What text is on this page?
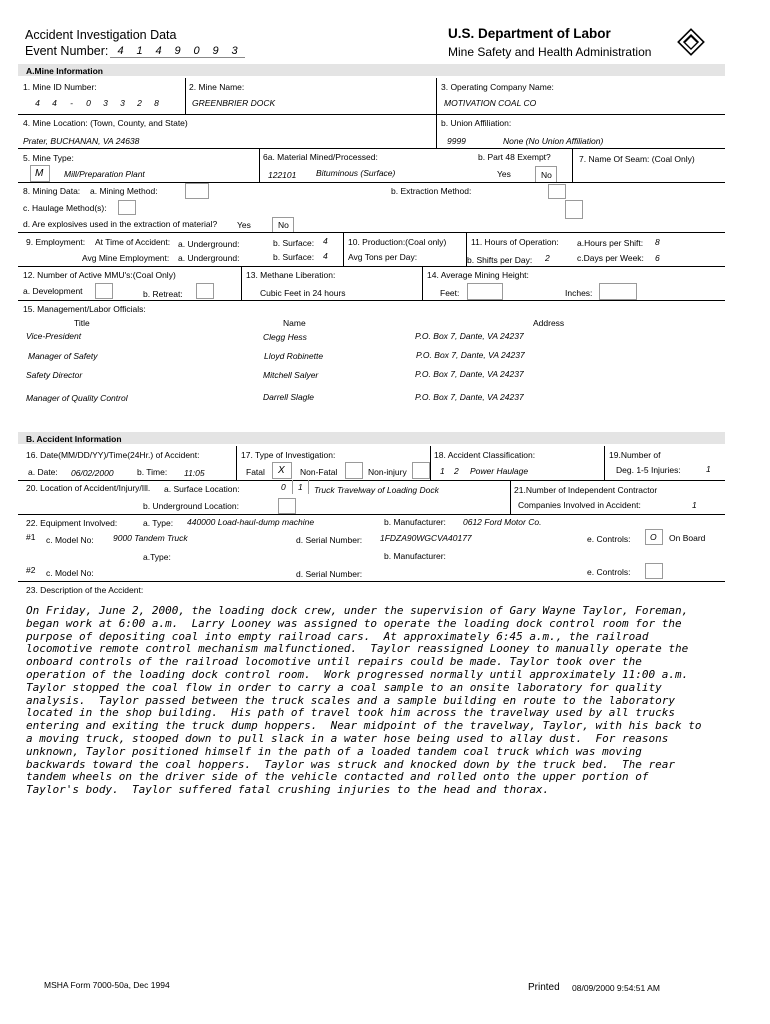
Accident Investigation Data
Event Number: 4 1 4 9 0 9 3
U.S. Department of Labor
Mine Safety and Health Administration
A.Mine Information
1. Mine ID Number:
4 4 - 0 3 3 2 8
2. Mine Name:
GREENBRIER DOCK
3. Operating Company Name:
MOTIVATION COAL CO
4. Mine Location: (Town, County, and State)
Prater, BUCHANAN, VA 24638
b. Union Affiliation:
9999	None (No Union Affiliation)
5. Mine Type:
M Mill/Preparation Plant
6a. Material Mined/Processed:
122101 Bituminous (Surface)
b. Part 48 Exempt?
Yes	No
7. Name Of Seam: (Coal Only)
8. Mining Data: a. Mining Method:	b. Extraction Method:
c. Haulage Method(s):
d. Are explosives used in the extraction of material? Yes	No
9. Employment: At Time of Accident: a. Underground:	b. Surface: 4
Avg Mine Employment: a. Underground:	b. Surface: 4
10. Production:(Coal only)
Avg Tons per Day:
11. Hours of Operation: a.Hours per Shift: 8
b. Shifts per Day: 2	c.Days per Week: 6
12. Number of Active MMU's:(Coal Only)
a. Development	b. Retreat:
13. Methane Liberation:
Cubic Feet in 24 hours
14. Average Mining Height:
Feet:	Inches:
15. Management/Labor Officials:
Title	Name	Address
Vice-President	Clegg Hess	P.O. Box 7, Dante, VA 24237
Manager of Safety	Lloyd Robinette	P.O. Box 7, Dante, VA 24237
Safety Director	Mitchell Salyer	P.O. Box 7, Dante, VA 24237
Manager of Quality Control	Darrell Slagle	P.O. Box 7, Dante, VA 24237
B. Accident Information
16. Date(MM/DD/YY)/Time(24Hr.) of Accident:
a. Date: 06/02/2000	b. Time: 11:05
17. Type of Investigation:
Fatal X Non-Fatal	Non-injury
18. Accident Classification:
1 2 Power Haulage
19.Number of
Deg. 1-5 Injuries:	1
20. Location of Accident/Injury/Ill. a. Surface Location:	0 1 Truck Travelway of Loading Dock
b. Underground Location:
21.Number of Independent Contractor
Companies Involved in Accident:	1
22. Equipment Involved:	a. Type: 440000 Load-haul-dump machine	b. Manufacturer: 0612 Ford Motor Co.
#1 c. Model No: 9000 Tandem Truck	d. Serial Number: 1FDZA90WGCVA40177	e. Controls: O On Board
a.Type:	b. Manufacturer:
#2 c. Model No:	d. Serial Number:	e. Controls:
23. Description of the Accident:
On Friday, June 2, 2000, the loading dock crew, under the supervision of Gary Wayne Taylor, Foreman,
began work at 6:00 a.m.  Larry Looney was assigned to operate the loading dock control room for the
purpose of depositing coal into empty railroad cars.  At approximately 6:45 a.m., the railroad
locomotive remote control mechanism malfunctioned.  Taylor reassigned Looney to manually operate the
onboard controls of the railroad locomotive until repairs could be made. Taylor took over the
operation of the loading dock control room.  Work progressed normally until approximately 11:00 a.m.
Taylor stopped the coal flow in order to carry a coal sample to an onsite laboratory for quality
analysis.  Taylor passed between the truck scales and a sample building en route to the laboratory
located in the shop building.  His path of travel took him across the travelway used by all trucks
entering and exiting the truck dump hoppers.  Near midpoint of the travelway, Taylor, with his back to
a moving truck, stooped down to pull slack in a water hose being used to allay dust.  For reasons
unknown, Taylor positioned himself in the path of a loaded tandem coal truck which was moving
backwards toward the coal hoppers.  Taylor was struck and knocked down by the truck bed.  The rear
tandem wheels on the driver side of the vehicle contacted and rolled onto the upper portion of
Taylor's body.  Taylor suffered fatal crushing injuries to the head and thorax.
MSHA Form 7000-50a, Dec 1994	Printed 08/09/2000 9:54:51 AM
